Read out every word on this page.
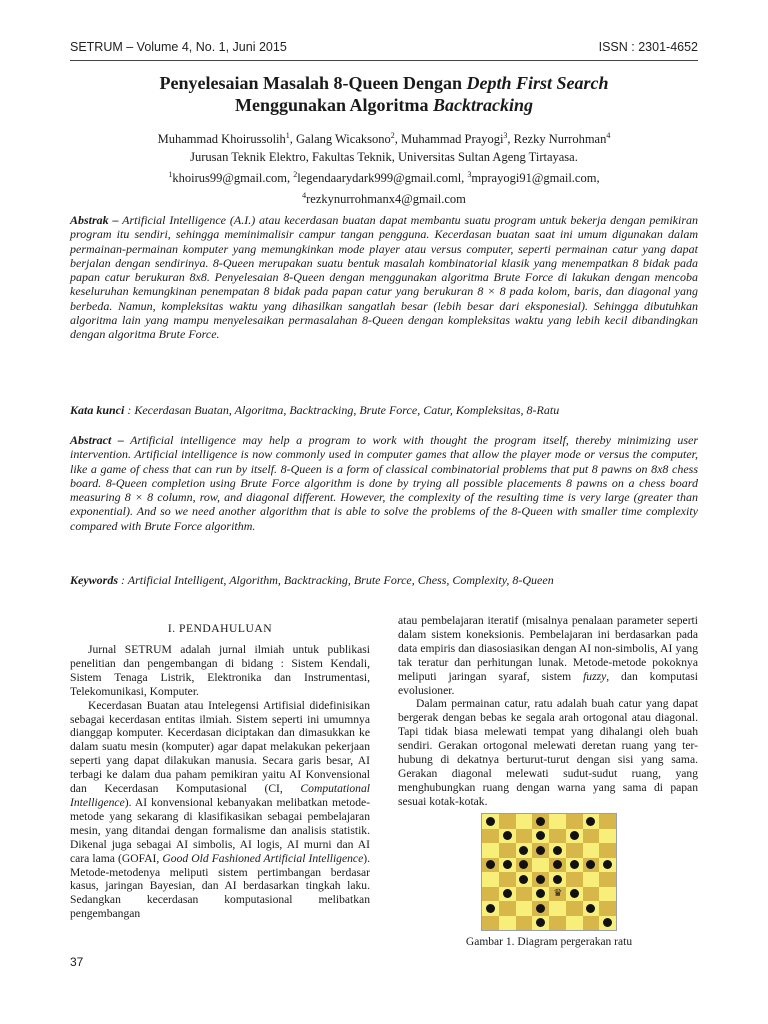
SETRUM – Volume 4, No. 1, Juni 2015	ISSN : 2301-4652
Penyelesaian Masalah 8-Queen Dengan Depth First Search
Menggunakan Algoritma Backtracking
Muhammad Khoirussolih$^1$, Galang Wicaksono$^2$, Muhammad Prayogi$^3$, Rezky Nurrohman$^4$
Jurusan Teknik Elektro, Fakultas Teknik, Universitas Sultan Ageng Tirtayasa.
$^1$khoirus99@gmail.com, $^2$legendaarydark999@gmail.coml, $^3$mprayogi91@gmail.com,
$^4$rezkynurrohmanx4@gmail.com
Abstrak – Artificial Intelligence (A.I.) atau kecerdasan buatan dapat membantu suatu program untuk bekerja dengan pemikiran program itu sendiri, sehingga meminimalisir campur tangan pengguna. Kecerdasan buatan saat ini umum digunakan dalam permainan-permainan komputer yang memungkinkan mode player atau versus computer, seperti permainan catur yang dapat berjalan dengan sendirinya. 8-Queen merupakan suatu bentuk masalah kombinatorial klasik yang menempatkan 8 bidak pada papan catur berukuran 8x8. Penyelesaian 8-Queen dengan menggunakan algoritma Brute Force di lakukan dengan mencoba keseluruhan kemungkinan penempatan 8 bidak pada papan catur yang berukuran 8 × 8 pada kolom, baris, dan diagonal yang berbeda. Namun, kompleksitas waktu yang dihasilkan sangatlah besar (lebih besar dari eksponesial). Sehingga dibutuhkan algoritma lain yang mampu menyelesaikan permasalahan 8-Queen dengan kompleksitas waktu yang lebih kecil dibandingkan dengan algoritma Brute Force.
Kata kunci : Kecerdasan Buatan, Algoritma, Backtracking, Brute Force, Catur, Kompleksitas, 8-Ratu
Abstract – Artificial intelligence may help a program to work with thought the program itself, thereby minimizing user intervention. Artificial intelligence is now commonly used in computer games that allow the player mode or versus the computer, like a game of chess that can run by itself. 8-Queen is a form of classical combinatorial problems that put 8 pawns on 8x8 chess board. 8-Queen completion using Brute Force algorithm is done by trying all possible placements 8 pawns on a chess board measuring 8 × 8 column, row, and diagonal different. However, the complexity of the resulting time is very large (greater than exponential). And so we need another algorithm that is able to solve the problems of the 8-Queen with smaller time complexity compared with Brute Force algorithm.
Keywords : Artificial Intelligent, Algorithm, Backtracking, Brute Force, Chess, Complexity, 8-Queen
I. PENDAHULUAN

Jurnal SETRUM adalah jurnal ilmiah untuk publikasi penelitian dan pengembangan di bidang : Sistem Kendali, Sistem Tenaga Listrik, Elektronika dan Instrumentasi, Telekomunikasi, Komputer.

Kecerdasan Buatan atau Intelegensi Artifisial didefinisikan sebagai kecerdasan entitas ilmiah. Sistem seperti ini umumnya dianggap komputer. Kecerdasan diciptakan dan dimasukkan ke dalam suatu mesin (komputer) agar dapat melakukan pekerjaan seperti yang dapat dilakukan manusia. Secara garis besar, AI terbagi ke dalam dua paham pemikiran yaitu AI Konvensional dan Kecerdasan Komputasional (CI, Computational Intelligence). AI konvensional kebanyakan melibatkan metode-metode yang sekarang di klasifikasikan sebagai pembelajaran mesin, yang ditandai dengan formalisme dan analisis statistik. Dikenal juga sebagai AI simbolis, AI logis, AI murni dan AI cara lama (GOFAI, Good Old Fashioned Artificial Intelligence). Metode-metodenya meliputi sistem pertimbangan berdasar kasus, jaringan Bayesian, dan AI berdasarkan tingkah laku. Sedangkan kecerdasan komputasional melibatkan pengembangan

atau pembelajaran iteratif (misalnya penalaan parameter seperti dalam sistem koneksionis. Pembelajaran ini berdasarkan pada data empiris dan diasosiasikan dengan AI non-simbolis, AI yang tak teratur dan perhitungan lunak. Metode-metode pokoknya meliputi jaringan syaraf, sistem fuzzy, dan komputasi evolusioner.

Dalam permainan catur, ratu adalah buah catur yang dapat bergerak dengan bebas ke segala arah ortogonal atau diagonal. Tapi tidak biasa melewati tempat yang dihalangi oleh buah sendiri. Gerakan ortogonal melewati deretan ruang yang ter-hubung di dekatnya berturut-turut dengan sisi yang sama. Gerakan diagonal melewati sudut-sudut ruang, yang menghubungkan ruang dengan warna yang sama di papan sesuai kotak-kotak.

♛
Gambar 1. Diagram pergerakan ratu
37
